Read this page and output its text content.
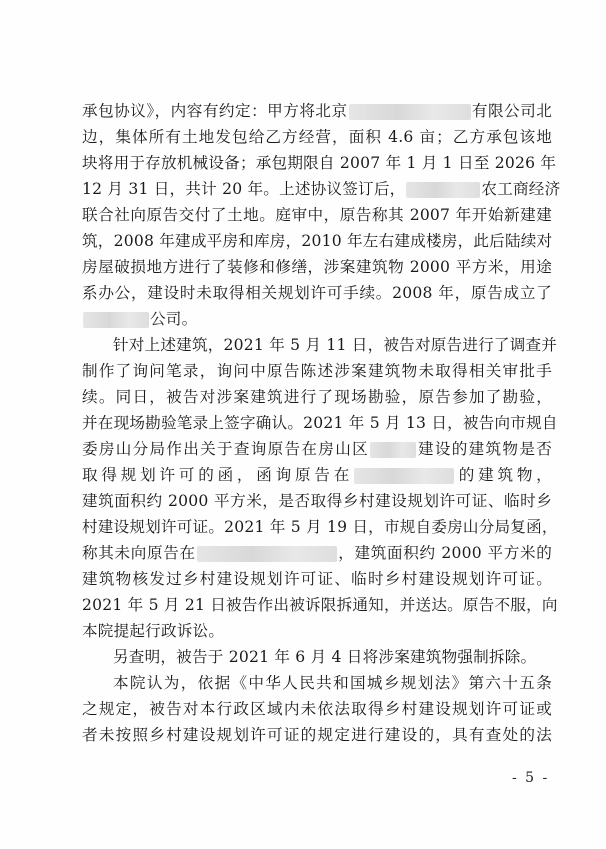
承包协议》，内容有约定：甲方将北京	有限公司北
边，集体所有土地发包给乙方经营，面积 4.6 亩；乙方承包该地
块将用于存放机械设备；承包期限自 2007 年 1 月 1 日至 2026 年
12 月 31 日，共计 20 年。上述协议签订后，	农工商经济
联合社向原告交付了土地。庭审中，原告称其 2007 年开始新建建
筑，2008 年建成平房和库房，2010 年左右建成楼房，此后陆续对
房屋破损地方进行了装修和修缮，涉案建筑物 2000 平方米，用途
系办公，建设时未取得相关规划许可手续。2008 年，原告成立了
公司。
针对上述建筑，2021 年 5 月 11 日，被告对原告进行了调查并
制作了询问笔录，询问中原告陈述涉案建筑物未取得相关审批手
续。同日，被告对涉案建筑进行了现场勘验，原告参加了勘验，
并在现场勘验笔录上签字确认。2021 年 5 月 13 日，被告向市规自
委房山分局作出关于查询原告在房山区	建设的建筑物是否
取得规划许可的函，函询原告在	的建筑物，
建筑面积约 2000 平方米，是否取得乡村建设规划许可证、临时乡
村建设规划许可证。2021 年 5 月 19 日，市规自委房山分局复函，
称其未向原告在	，建筑面积约 2000 平方米的
建筑物核发过乡村建设规划许可证、临时乡村建设规划许可证。
2021 年 5 月 21 日被告作出被诉限拆通知，并送达。原告不服，向
本院提起行政诉讼。
另查明，被告于 2021 年 6 月 4 日将涉案建筑物强制拆除。
本院认为，依据《中华人民共和国城乡规划法》第六十五条
之规定，被告对本行政区域内未依法取得乡村建设规划许可证或
者未按照乡村建设规划许可证的规定进行建设的，具有查处的法
- 5 -
